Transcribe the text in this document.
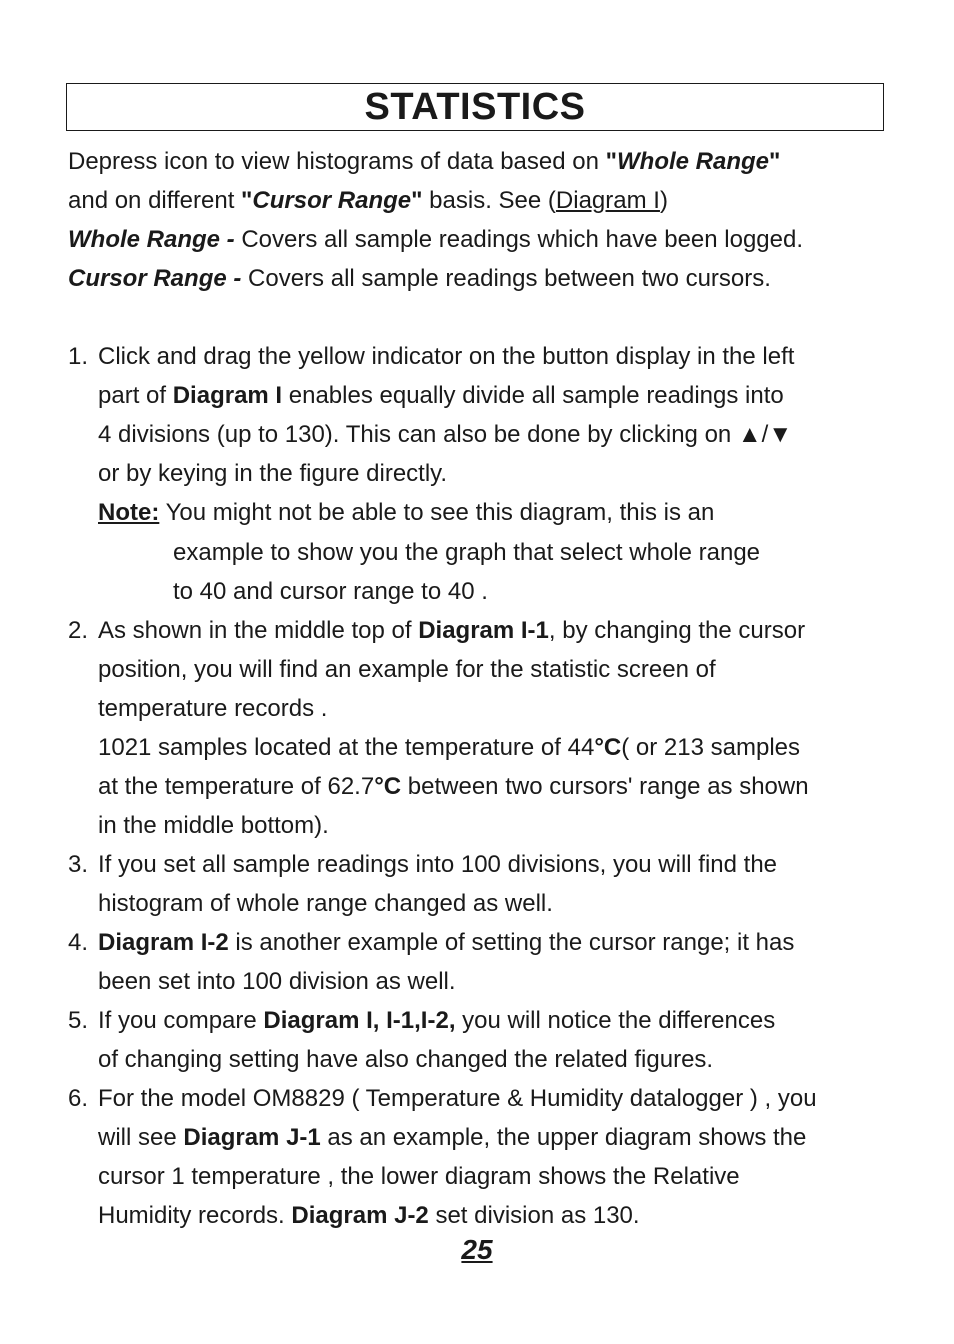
STATISTICS
Depress icon to view histograms of data based on "Whole Range"
and on different "Cursor Range" basis. See (Diagram I)
Whole Range - Covers all sample readings which have been logged.
Cursor Range - Covers all sample readings between two cursors.
1. Click and drag the yellow indicator on the button display in the left
part of Diagram I enables equally divide all sample readings into
4 divisions (up to 130). This can also be done by clicking on ▲/▼
or by keying in the figure directly.
Note: You might not be able to see this diagram, this is an
example to show you the graph that select whole range
to 40 and cursor range to 40 .
2. As shown in the middle top of Diagram I-1, by changing the cursor
position, you will find an example for the statistic screen of
temperature records .
1021 samples located at the temperature of 44°C( or 213 samples
at the temperature of 62.7°C between two cursors' range as shown
in the middle bottom).
3. If you set all sample readings into 100 divisions, you will find the
histogram of whole range changed as well.
4. Diagram I-2 is another example of setting the cursor range; it has
been set into 100 division as well.
5. If you compare Diagram I, I-1,I-2, you will notice the differences
of changing setting have also changed the related figures.
6. For the model OM8829 ( Temperature & Humidity datalogger ) , you
will see Diagram J-1 as an example, the upper diagram shows the
cursor 1 temperature , the lower diagram shows the Relative
Humidity records. Diagram J-2 set division as 130.
25
